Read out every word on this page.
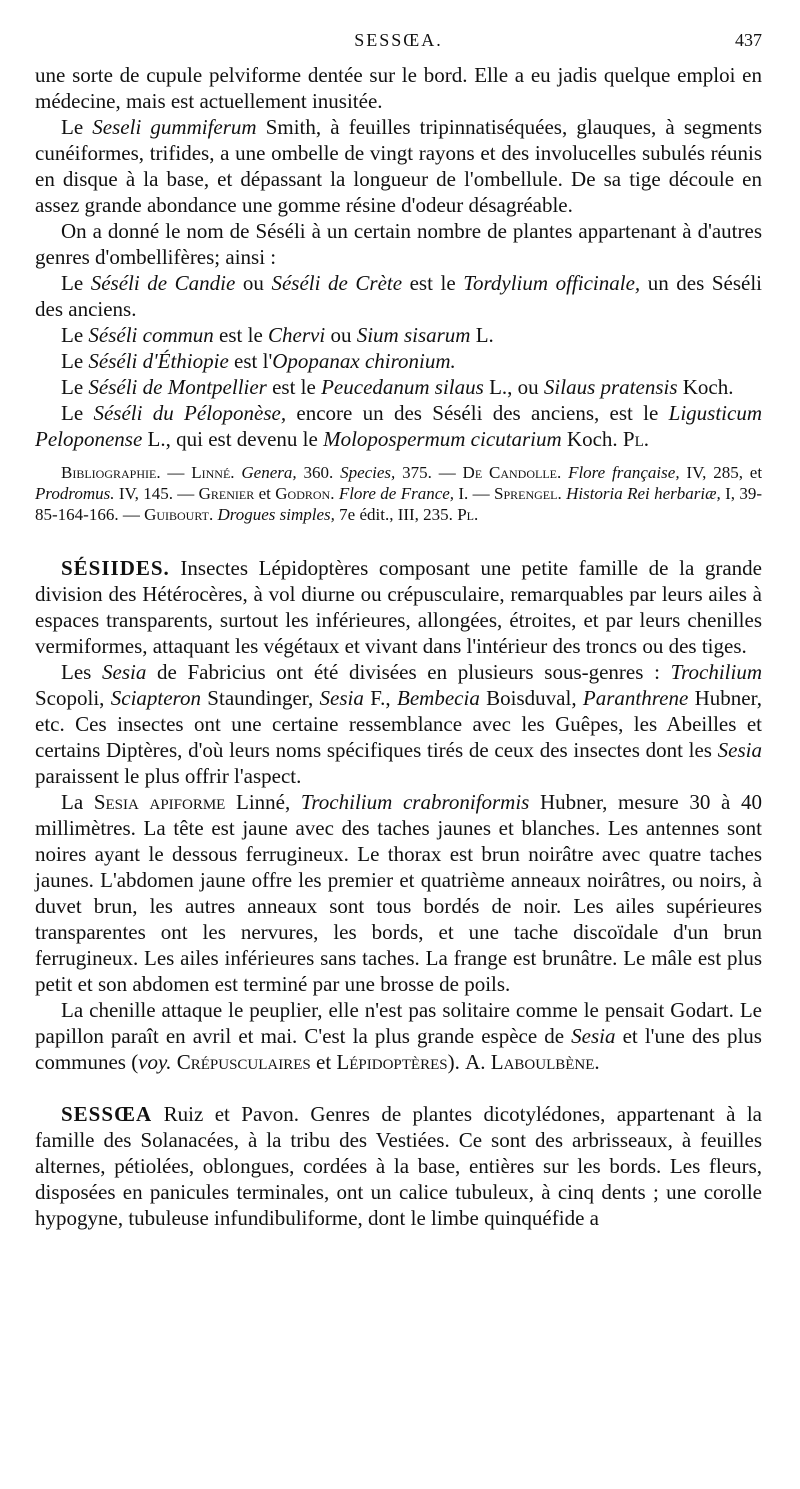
SESSŒA.	437

une sorte de cupule pelviforme dentée sur le bord. Elle a eu jadis quelque emploi en médecine, mais est actuellement inusitée.

Le Seseli gummiferum Smith, à feuilles tripinnatiséquées, glauques, à segments cunéiformes, trifides, a une ombelle de vingt rayons et des involucelles subulés réunis en disque à la base, et dépassant la longueur de l'ombellule. De sa tige découle en assez grande abondance une gomme résine d'odeur désagréable.

On a donné le nom de Séséli à un certain nombre de plantes appartenant à d'autres genres d'ombellifères; ainsi :

Le Séséli de Candie ou Séséli de Crète est le Tordylium officinale, un des Séséli des anciens.

Le Séséli commun est le Chervi ou Sium sisarum L.

Le Séséli d'Éthiopie est l'Opopanax chironium.

Le Séséli de Montpellier est le Peucedanum silaus L., ou Silaus pratensis Koch.

Le Séséli du Péloponèse, encore un des Séséli des anciens, est le Ligusticum Peloponense L., qui est devenu le Molopospermum cicutarium Koch. Pl.

Bibliographie. — Linné. Genera, 360. Species, 375. — De Candolle. Flore française, IV, 285, et Prodromus. IV, 145. — Grenier et Godron. Flore de France, I. — Sprengel. Historia Rei herbariæ, I, 39-85-164-166. — Guibourt. Drogues simples, 7e édit., III, 235. Pl.

SÉSIIDES. Insectes Lépidoptères composant une petite famille de la grande division des Hétérocères, à vol diurne ou crépusculaire, remarquables par leurs ailes à espaces transparents, surtout les inférieures, allongées, étroites, et par leurs chenilles vermiformes, attaquant les végétaux et vivant dans l'intérieur des troncs ou des tiges.

Les Sesia de Fabricius ont été divisées en plusieurs sous-genres : Trochilium Scopoli, Sciapteron Staundinger, Sesia F., Bembecia Boisduval, Paranthrene Hubner, etc. Ces insectes ont une certaine ressemblance avec les Guêpes, les Abeilles et certains Diptères, d'où leurs noms spécifiques tirés de ceux des insectes dont les Sesia paraissent le plus offrir l'aspect.

La Sesia apiforme Linné, Trochilium crabroniformis Hubner, mesure 30 à 40 millimètres. La tête est jaune avec des taches jaunes et blanches. Les antennes sont noires ayant le dessous ferrugineux. Le thorax est brun noirâtre avec quatre taches jaunes. L'abdomen jaune offre les premier et quatrième anneaux noirâtres, ou noirs, à duvet brun, les autres anneaux sont tous bordés de noir. Les ailes supérieures transparentes ont les nervures, les bords, et une tache discoïdale d'un brun ferrugineux. Les ailes inférieures sans taches. La frange est brunâtre. Le mâle est plus petit et son abdomen est terminé par une brosse de poils.

La chenille attaque le peuplier, elle n'est pas solitaire comme le pensait Godart. Le papillon paraît en avril et mai. C'est la plus grande espèce de Sesia et l'une des plus communes (voy. Crépusculaires et Lépidoptères). A. Laboulbène.

SESSŒA Ruiz et Pavon. Genres de plantes dicotylédones, appartenant à la famille des Solanacées, à la tribu des Vestiées. Ce sont des arbrisseaux, à feuilles alternes, pétiolées, oblongues, cordées à la base, entières sur les bords. Les fleurs, disposées en panicules terminales, ont un calice tubuleux, à cinq dents ; une corolle hypogyne, tubuleuse infundibuliforme, dont le limbe quinquéfide a
